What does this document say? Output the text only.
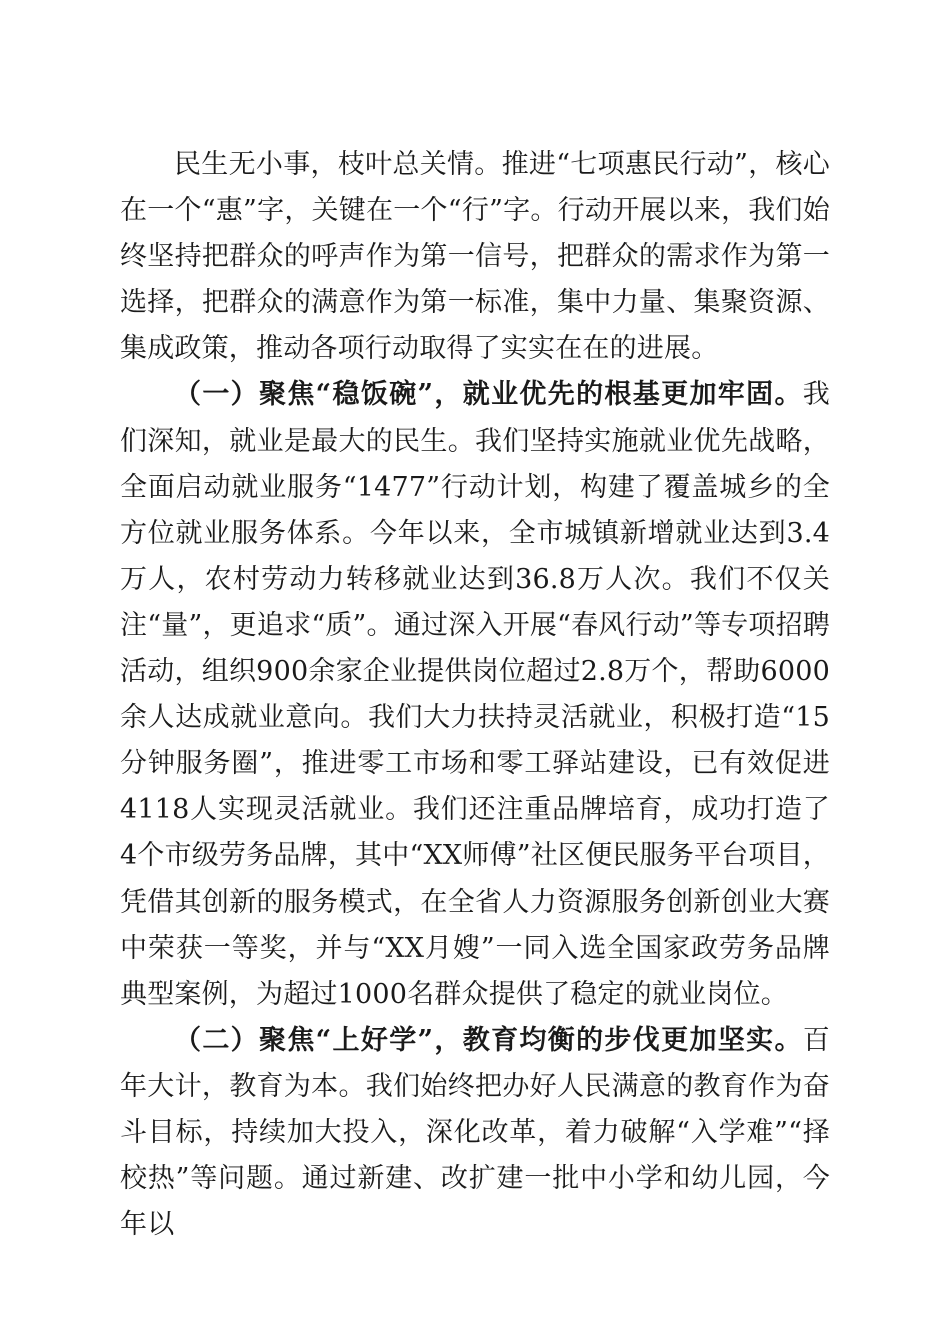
民生无小事，枝叶总关情。推进“七项惠民行动”，核心在一个“惠”字，关键在一个“行”字。行动开展以来，我们始终坚持把群众的呼声作为第一信号，把群众的需求作为第一选择，把群众的满意作为第一标准，集中力量、集聚资源、集成政策，推动各项行动取得了实实在在的进展。

（一）聚焦“稳饭碗”，就业优先的根基更加牢固。我们深知，就业是最大的民生。我们坚持实施就业优先战略，全面启动就业服务“1477”行动计划，构建了覆盖城乡的全方位就业服务体系。今年以来，全市城镇新增就业达到3.4万人，农村劳动力转移就业达到36.8万人次。我们不仅关注“量”，更追求“质”。通过深入开展“春风行动”等专项招聘活动，组织900余家企业提供岗位超过2.8万个，帮助6000余人达成就业意向。我们大力扶持灵活就业，积极打造“15分钟服务圈”，推进零工市场和零工驿站建设，已有效促进4118人实现灵活就业。我们还注重品牌培育，成功打造了4个市级劳务品牌，其中“XX师傅”社区便民服务平台项目，凭借其创新的服务模式，在全省人力资源服务创新创业大赛中荣获一等奖，并与“XX月嫂”一同入选全国家政劳务品牌典型案例，为超过1000名群众提供了稳定的就业岗位。

（二）聚焦“上好学”，教育均衡的步伐更加坚实。百年大计，教育为本。我们始终把办好人民满意的教育作为奋斗目标，持续加大投入，深化改革，着力破解“入学难”“择校热”等问题。通过新建、改扩建一批中小学和幼儿园，今年以
